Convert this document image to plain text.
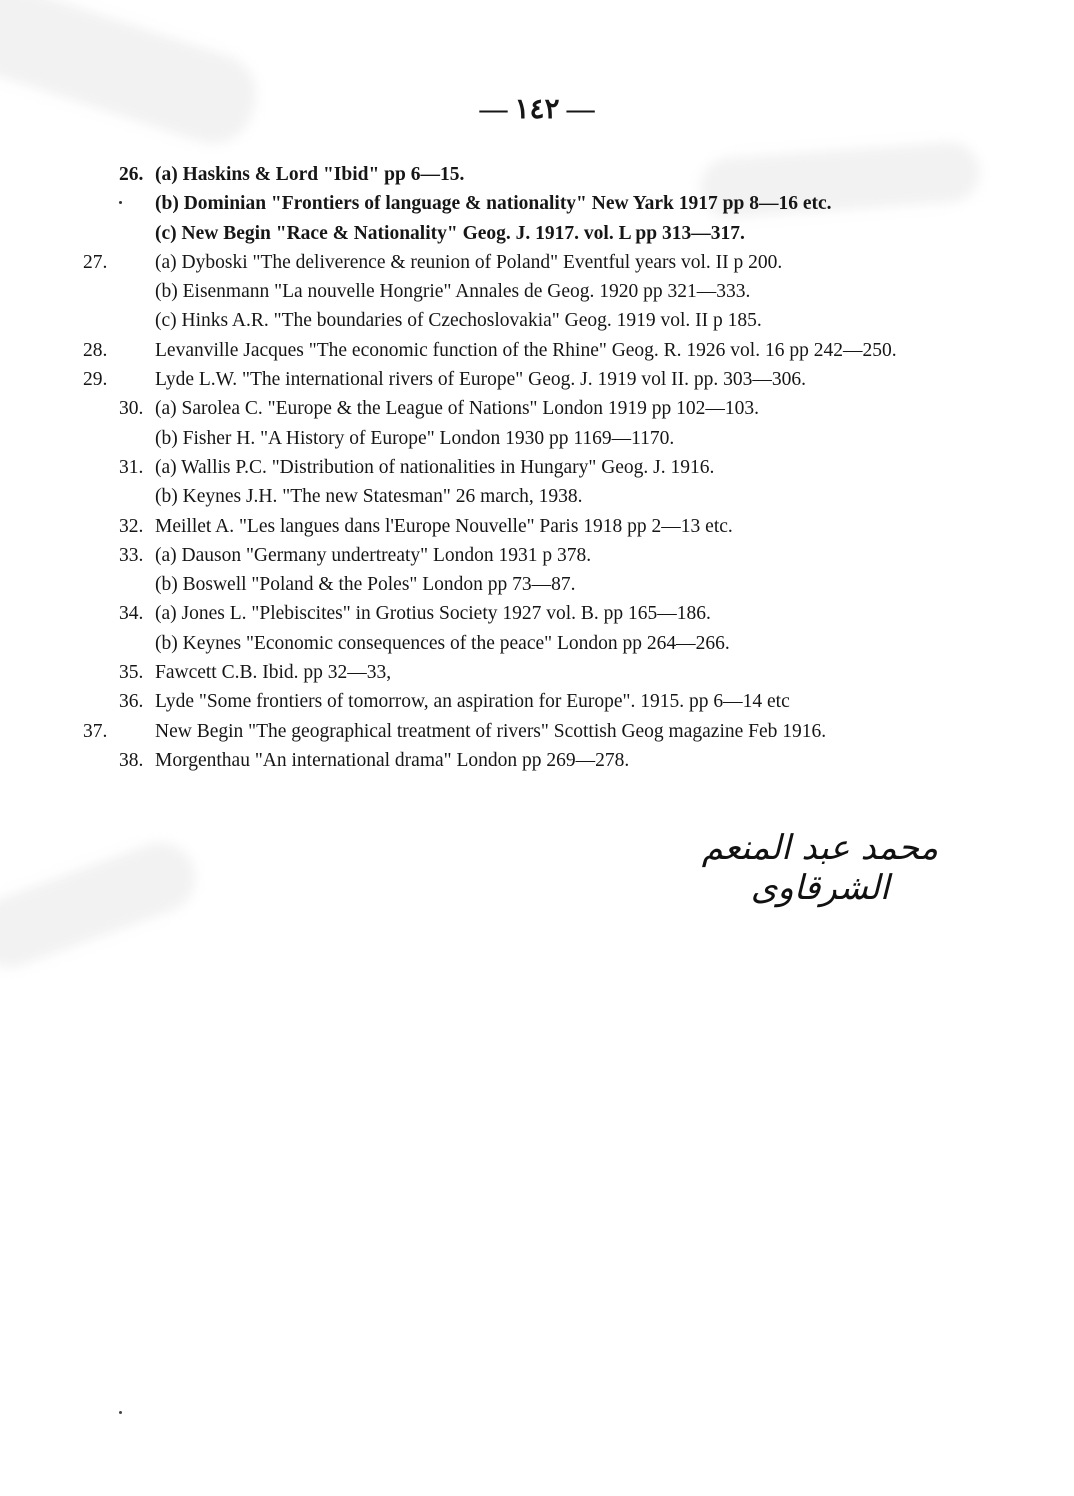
— ١٤٢ —
26. (a) Haskins & Lord "Ibid" pp 6—15.
(b) Dominian "Frontiers of language & nationality" New Yark 1917 pp 8—16 etc.
(c) New Begin "Race & Nationality" Geog. J. 1917. vol. L pp 313—317.
27. (a) Dyboski "The deliverence & reunion of Poland" Eventful years vol. II p 200.
(b) Eisenmann "La nouvelle Hongrie" Annales de Geog. 1920 pp 321—333.
(c) Hinks A.R. "The boundaries of Czechoslovakia" Geog. 1919 vol. II p 185.
28. Levanville Jacques "The economic function of the Rhine" Geog. R. 1926 vol. 16 pp 242—250.
29. Lyde L.W. "The international rivers of Europe" Geog. J. 1919 vol II. pp. 303—306.
30. (a) Sarolea C. "Europe & the League of Nations" London 1919 pp 102—103.
(b) Fisher H. "A History of Europe" London 1930 pp 1169—1170.
31. (a) Wallis P.C. "Distribution of nationalities in Hungary" Geog. J. 1916.
(b) Keynes J.H. "The new Statesman" 26 march, 1938.
32. Meillet A. "Les langues dans l'Europe Nouvelle" Paris 1918 pp 2—13 etc.
33. (a) Dauson "Germany undertreaty" London 1931 p 378.
(b) Boswell "Poland & the Poles" London pp 73—87.
34. (a) Jones L. "Plebiscites" in Grotius Society 1927 vol. B. pp 165—186.
(b) Keynes "Economic consequences of the peace" London pp 264—266.
35. Fawcett C.B. Ibid. pp 32—33,
36. Lyde "Some frontiers of tomorrow, an aspiration for Europe". 1915. pp 6—14 etc
37. New Begin "The geographical treatment of rivers" Scottish Geog magazine Feb 1916.
38. Morgenthau "An international drama" London pp 269—278.
محمد عبد المنعم الشرقاوى
